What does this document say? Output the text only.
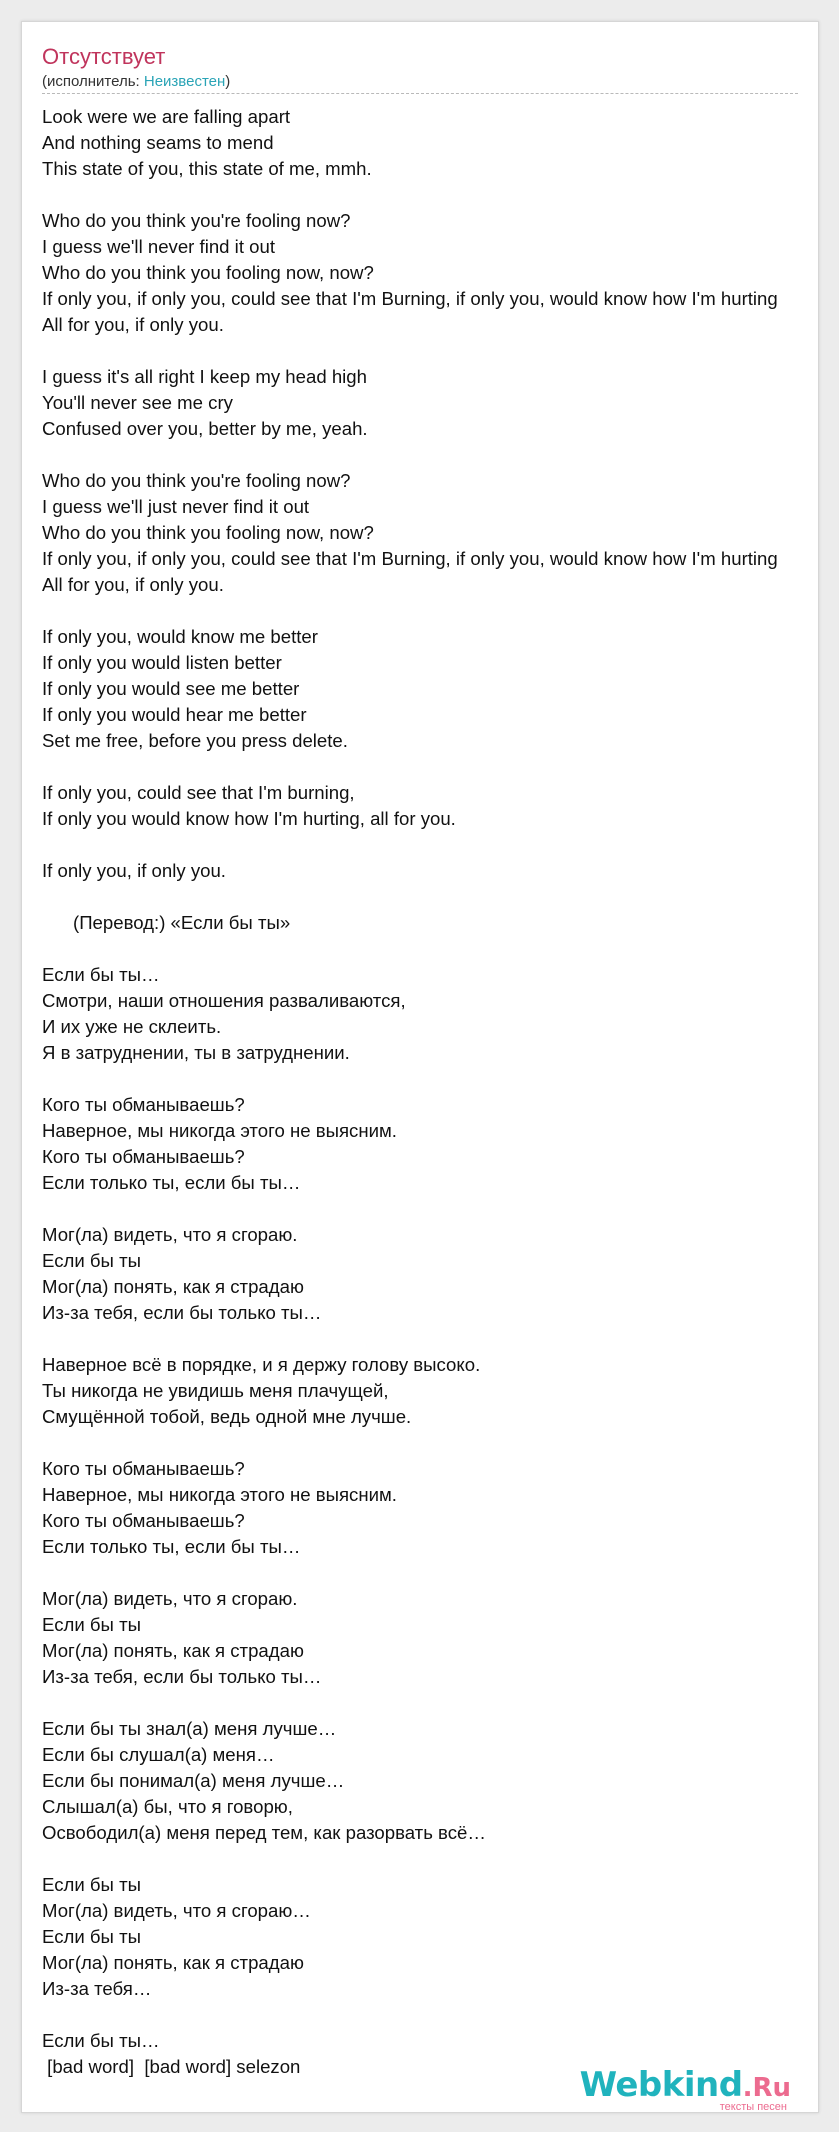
Отсутствует
(исполнитель: Неизвестен)
Look were we are falling apart
And nothing seams to mend
This state of you, this state of me, mmh.

Who do you think you're fooling now?
I guess we'll never find it out
Who do you think you fooling now, now?
If only you, if only you, could see that I'm Burning, if only you, would know how I'm hurting
All for you, if only you.

I guess it's all right I keep my head high
You'll never see me cry
Confused over you, better by me, yeah.

Who do you think you're fooling now?
I guess we'll just never find it out
Who do you think you fooling now, now?
If only you, if only you, could see that I'm Burning, if only you, would know how I'm hurting
All for you, if only you.

If only you, would know me better
If only you would listen better
If only you would see me better
If only you would hear me better
Set me free, before you press delete.

If only you, could see that I'm burning,
If only you would know how I'm hurting, all for you.

If only you, if only you.

(Перевод:) «Если бы ты»

Если бы ты…
Смотри, наши отношения разваливаются,
И их уже не склеить.
Я в затруднении, ты в затруднении.

Кого ты обманываешь?
Наверное, мы никогда этого не выясним.
Кого ты обманываешь?
Если только ты, если бы ты…

Мог(ла) видеть, что я сгораю.
Если бы ты
Мог(ла) понять, как я страдаю
Из-за тебя, если бы только ты…

Наверное всё в порядке, и я держу голову высоко.
Ты никогда не увидишь меня плачущей,
Смущённой тобой, ведь одной мне лучше.

Кого ты обманываешь?
Наверное, мы никогда этого не выясним.
Кого ты обманываешь?
Если только ты, если бы ты…

Мог(ла) видеть, что я сгораю.
Если бы ты
Мог(ла) понять, как я страдаю
Из-за тебя, если бы только ты…

Если бы ты знал(а) меня лучше…
Если бы слушал(а) меня…
Если бы понимал(а) меня лучше…
Слышал(а) бы, что я говорю,
Освободил(а) меня перед тем, как разорвать всё…

Если бы ты
Мог(ла) видеть, что я сгораю…
Если бы ты
Мог(ла) понять, как я страдаю
Из-за тебя…

Если бы ты…
[bad word]  [bad word] selezon	Webkind.Ru
тексты песен
